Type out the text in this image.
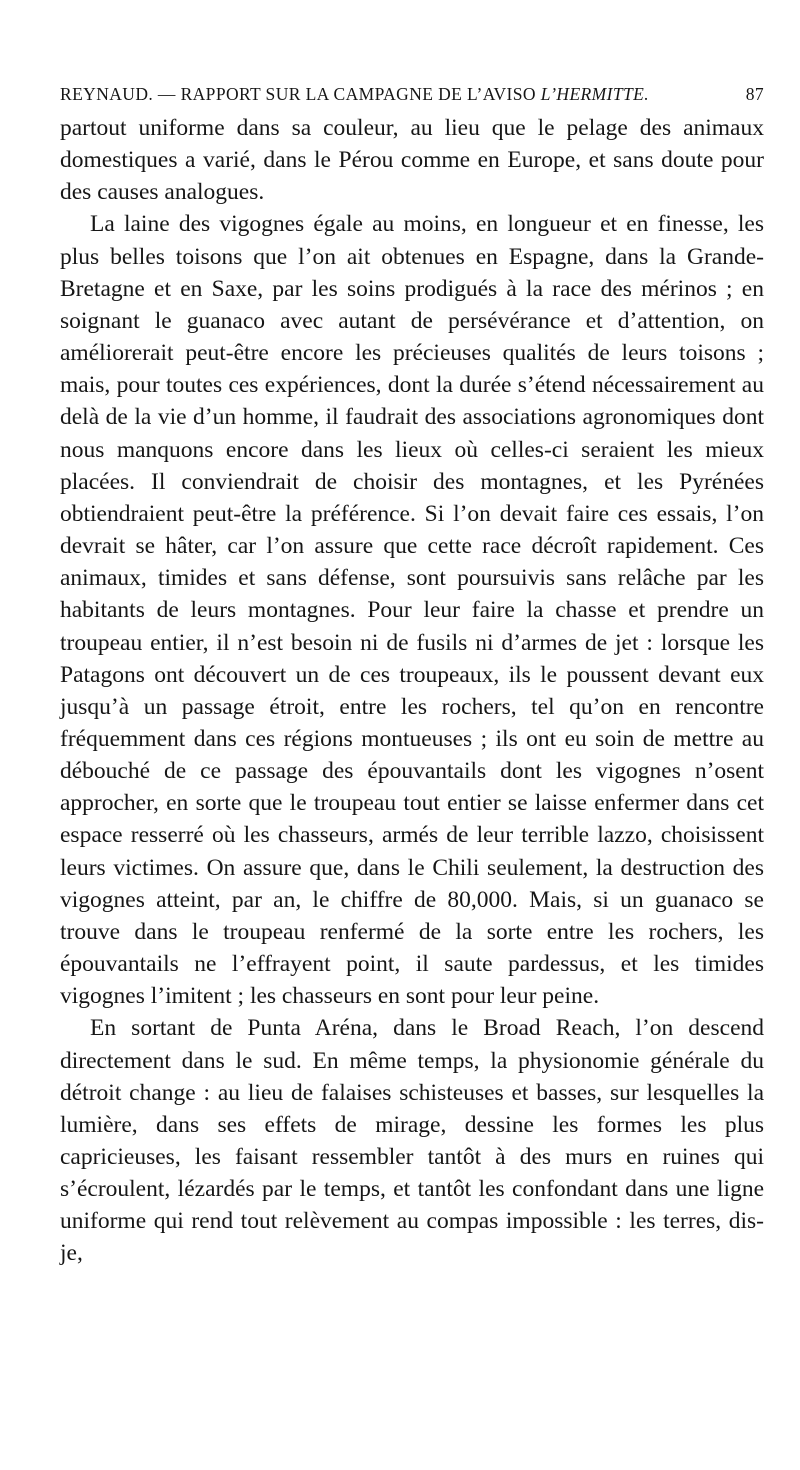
REYNAUD. — RAPPORT SUR LA CAMPAGNE DE L’AVISO L’HERMITTE.	87

partout uniforme dans sa couleur, au lieu que le pelage des animaux domestiques a varié, dans le Pérou comme en Europe, et sans doute pour des causes analogues.

La laine des vigognes égale au moins, en longueur et en finesse, les plus belles toisons que l’on ait obtenues en Espagne, dans la Grande-Bretagne et en Saxe, par les soins prodigués à la race des mérinos ; en soignant le guanaco avec autant de persévérance et d’attention, on améliorerait peut-être encore les précieuses qualités de leurs toisons ; mais, pour toutes ces expériences, dont la durée s’étend nécessairement au delà de la vie d’un homme, il faudrait des associations agronomiques dont nous manquons encore dans les lieux où celles-ci seraient les mieux placées. Il conviendrait de choisir des montagnes, et les Pyrénées obtiendraient peut-être la préférence. Si l’on devait faire ces essais, l’on devrait se hâter, car l’on assure que cette race décroît rapidement. Ces animaux, timides et sans défense, sont poursuivis sans relâche par les habitants de leurs montagnes. Pour leur faire la chasse et prendre un troupeau entier, il n’est besoin ni de fusils ni d’armes de jet : lorsque les Patagons ont découvert un de ces troupeaux, ils le poussent devant eux jusqu’à un passage étroit, entre les rochers, tel qu’on en rencontre fréquemment dans ces régions montueuses ; ils ont eu soin de mettre au débouché de ce passage des épouvantails dont les vigognes n’osent approcher, en sorte que le troupeau tout entier se laisse enfermer dans cet espace resserré où les chasseurs, armés de leur terrible lazzo, choisissent leurs victimes. On assure que, dans le Chili seulement, la destruction des vigognes atteint, par an, le chiffre de 80,000. Mais, si un guanaco se trouve dans le troupeau renfermé de la sorte entre les rochers, les épouvantails ne l’effrayent point, il saute pardessus, et les timides vigognes l’imitent ; les chasseurs en sont pour leur peine.

En sortant de Punta Aréna, dans le Broad Reach, l’on descend directement dans le sud. En même temps, la physionomie générale du détroit change : au lieu de falaises schisteuses et basses, sur lesquelles la lumière, dans ses effets de mirage, dessine les formes les plus capricieuses, les faisant ressembler tantôt à des murs en ruines qui s’écroulent, lézardés par le temps, et tantôt les confondant dans une ligne uniforme qui rend tout relèvement au compas impossible : les terres, dis-je,
